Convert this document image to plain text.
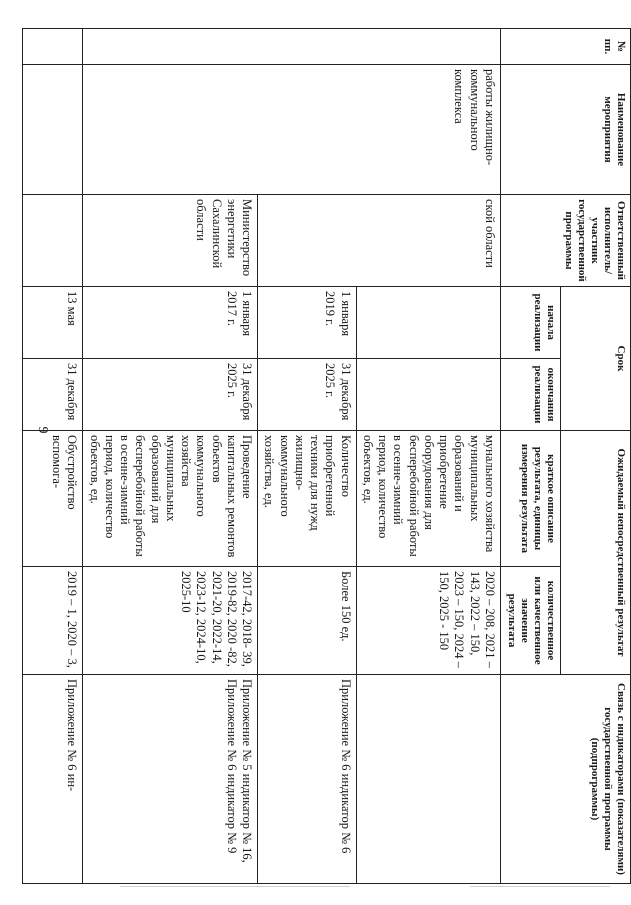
9
№ пп.	Наименование мероприятия	Ответственный исполнитель/участник государственной программы	Срок		Ожидаемый непосредственный результат		Связь с индикаторами (показателями) государственной программы (подпрограммы)
			начала реализации	окончания реализации	краткое описание результата, единицы измерения результата	количественное или качественное значение результата	
	работы жилищно-коммунального комплекса	ской области			мунального хозяйства муниципальных образований и приобретение оборудования для бесперебойной работы в осенне-зимний период, количество объектов, ед.	2020 – 208, 2021 – 143, 2022 – 150, 2023 – 150, 2024 – 150, 2025 - 150	
			1 января 2019 г.	31 декабря 2025 г.	Количество приобретенной техники для нужд жилищно-коммунального хозяйства, ед.	Более 150 ед.	Приложение № 6 индикатор № 6
		Министерство энергетики Сахалинской области	1 января 2017 г.	31 декабря 2025 г.	Проведение капитальных ремонтов объектов коммунального хозяйства муниципальных образований для бесперебойной работы в осенне-зимний период, количество объектов, ед.	2017-42, 2018- 39, 2019-82, 2020 -82, 2021-20, 2022-14, 2023-12, 2024-10, 2025-10	Приложение № 5 индикатор № 16, Приложение № 6 индикатор № 9
			13 мая	31 декабря	Обустройство вспомога-	2019 – 1, 2020 – 3,	Приложение № 6 ин-
